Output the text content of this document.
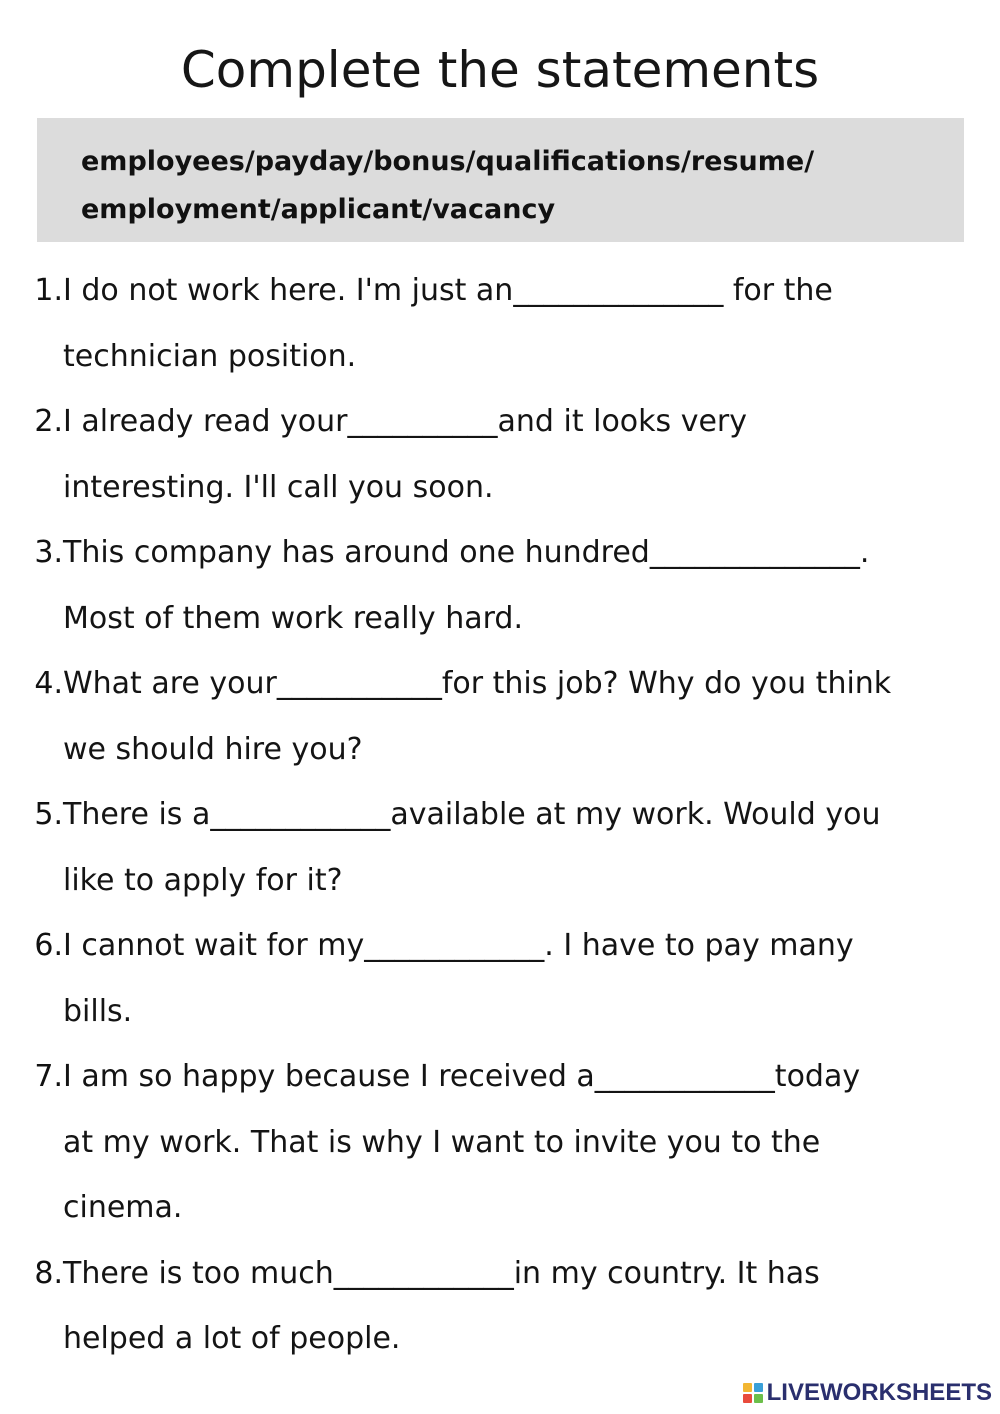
Complete the statements
employees/payday/bonus/qualifications/resume/
employment/applicant/vacancy
1. I do not work here. I'm just an______________ for the
technician position.
2. I already read your__________and it looks very
interesting. I'll call you soon.
3. This company has around one hundred______________.
Most of them work really hard.
4. What are your___________for this job? Why do you think
we should hire you?
5. There is a____________available at my work. Would you
like to apply for it?
6. I cannot wait for my____________. I have to pay many
bills.
7. I am so happy because I received a____________today
at my work. That is why I want to invite you to the
cinema.
8. There is too much____________in my country. It has
helped a lot of people.
LIVEWORKSHEETS
